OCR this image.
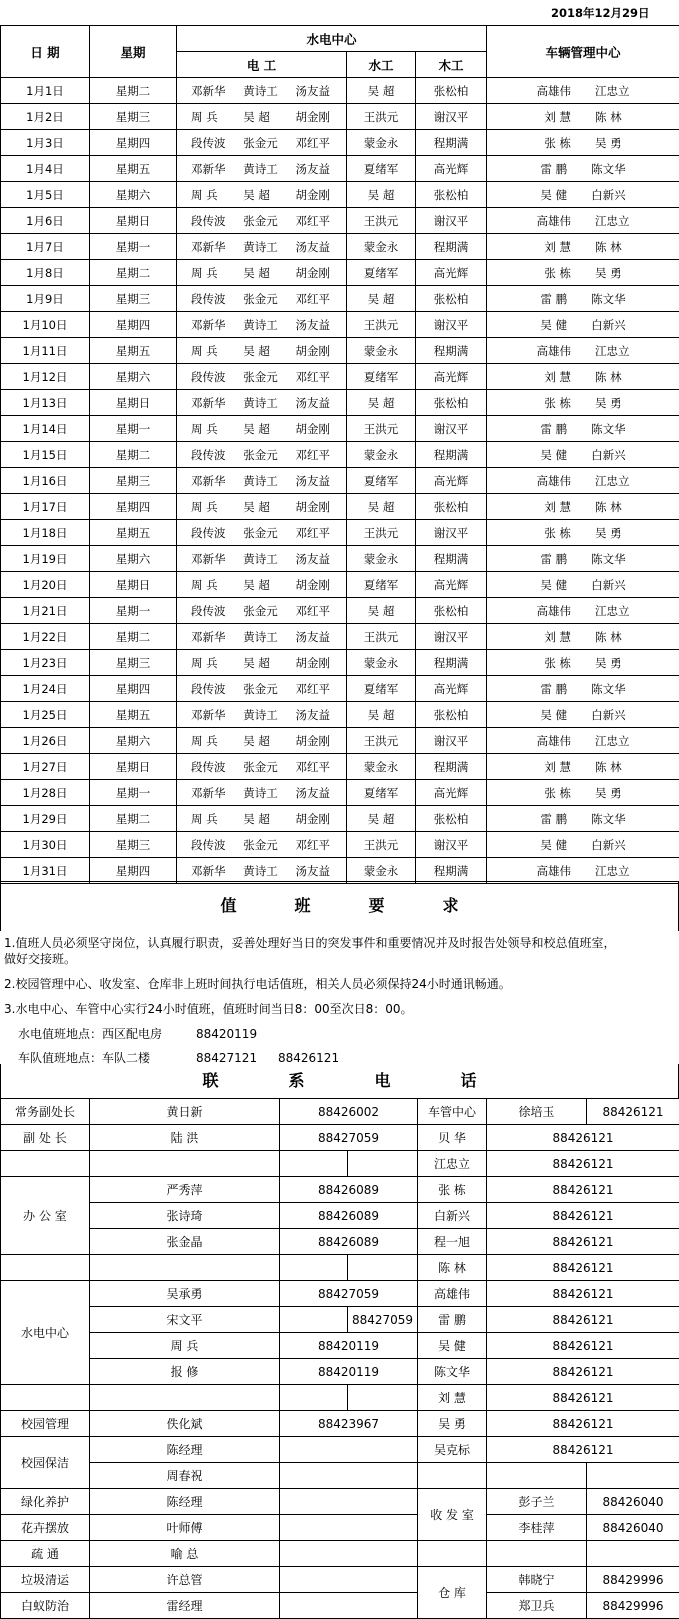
					2018年12月29日	
日 期	星期	水电中心				车辆管理中心
		电 工		水工	木工	
1月1日	星期二	邓新华 黄诗工 汤友益		吴 超	张松柏	高雄伟 江忠立

1月2日	星期三	周 兵 吴 超 胡金刚		王洪元	谢汉平	刘 慧 陈 林

1月3日	星期四	段传波 张金元 邓红平		蒙金永	程期满	张 栋 吴 勇

1月4日	星期五	邓新华 黄诗工 汤友益		夏绪军	高光辉	雷 鹏 陈文华

1月5日	星期六	周 兵 吴 超 胡金刚		吴 超	张松柏	吴 健 白新兴

1月6日	星期日	段传波 张金元 邓红平		王洪元	谢汉平	高雄伟 江忠立

1月7日	星期一	邓新华 黄诗工 汤友益		蒙金永	程期满	刘 慧 陈 林

1月8日	星期二	周 兵 吴 超 胡金刚		夏绪军	高光辉	张 栋 吴 勇

1月9日	星期三	段传波 张金元 邓红平		吴 超	张松柏	雷 鹏 陈文华

1月10日	星期四	邓新华 黄诗工 汤友益		王洪元	谢汉平	吴 健 白新兴

1月11日	星期五	周 兵 吴 超 胡金刚		蒙金永	程期满	高雄伟 江忠立

1月12日	星期六	段传波 张金元 邓红平		夏绪军	高光辉	刘 慧 陈 林

1月13日	星期日	邓新华 黄诗工 汤友益		吴 超	张松柏	张 栋 吴 勇

1月14日	星期一	周 兵 吴 超 胡金刚		王洪元	谢汉平	雷 鹏 陈文华

1月15日	星期二	段传波 张金元 邓红平		蒙金永	程期满	吴 健 白新兴

1月16日	星期三	邓新华 黄诗工 汤友益		夏绪军	高光辉	高雄伟 江忠立

1月17日	星期四	周 兵 吴 超 胡金刚		吴 超	张松柏	刘 慧 陈 林

1月18日	星期五	段传波 张金元 邓红平		王洪元	谢汉平	张 栋 吴 勇

1月19日	星期六	邓新华 黄诗工 汤友益		蒙金永	程期满	雷 鹏 陈文华

1月20日	星期日	周 兵 吴 超 胡金刚		夏绪军	高光辉	吴 健 白新兴

1月21日	星期一	段传波 张金元 邓红平		吴 超	张松柏	高雄伟 江忠立

1月22日	星期二	邓新华 黄诗工 汤友益		王洪元	谢汉平	刘 慧 陈 林

1月23日	星期三	周 兵 吴 超 胡金刚		蒙金永	程期满	张 栋 吴 勇

1月24日	星期四	段传波 张金元 邓红平		夏绪军	高光辉	雷 鹏 陈文华

1月25日	星期五	邓新华 黄诗工 汤友益		吴 超	张松柏	吴 健 白新兴

1月26日	星期六	周 兵 吴 超 胡金刚		王洪元	谢汉平	高雄伟 江忠立

1月27日	星期日	段传波 张金元 邓红平		蒙金永	程期满	刘 慧 陈 林

1月28日	星期一	邓新华 黄诗工 汤友益		夏绪军	高光辉	张 栋 吴 勇

1月29日	星期二	周 兵 吴 超 胡金刚		吴 超	张松柏	雷 鹏 陈文华

1月30日	星期三	段传波 张金元 邓红平		王洪元	谢汉平	吴 健 白新兴

1月31日	星期四	邓新华 黄诗工 汤友益		蒙金永	程期满	高雄伟 江忠立
值班要求
1.值班人员必须坚守岗位，认真履行职责，妥善处理好当日的突发事件和重要情况并及时报告处领导和校总值班室，
做好交接班。
2.校园管理中心、收发室、仓库非上班时间执行电话值班，相关人员必须保持24小时通讯畅通。
3.水电中心、车管中心实行24小时值班，值班时间当日8：00至次日8：00。
水电值班地点：西区配电房	88420119
车队值班地点：车队二楼	88427121 88426121
联系电话
常务副处长	黄日新	88426002		车管中心	徐培玉	88426121	
副 处 长	陆 洪	88427059		贝 华	88426121		
				江忠立	88426121		
办 公 室	严秀萍	88426089		张 栋	88426121		
	张诗琦	88426089		白新兴	88426121		
	张金晶	88426089		程一旭	88426121		
				陈 林	88426121		
水电中心	吴承勇	88427059		高雄伟	88426121		
	宋文平		88427059	雷 鹏	88426121		
	周 兵	88420119		吴 健	88426121		
	报 修	88420119		陈文华	88426121		
				刘 慧	88426121		
校园管理	佚化斌	88423967		吴 勇	88426121		
校园保洁	陈经理			吴克标	88426121		
	周春祝						
绿化养护	陈经理			收 发 室	彭子兰	88426040	
花卉摆放	叶师傅				李桂萍	88426040	
疏 通	喻 总						
垃圾清运	许总管			仓 库	韩晓宁	88429996	
白蚁防治	雷经理				郑卫兵	88429996	
